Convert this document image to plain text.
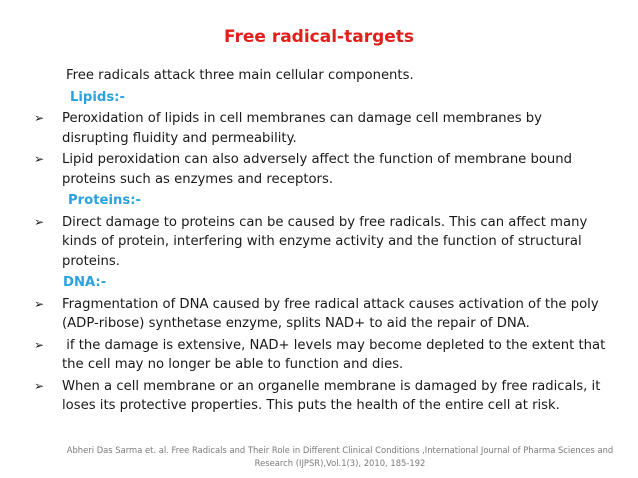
Free radical-targets
Free radicals attack three main cellular components.
Lipids:-
➢ Peroxidation of lipids in cell membranes can damage cell membranes by disrupting fluidity and permeability.
➢ Lipid peroxidation can also adversely affect the function of membrane bound proteins such as enzymes and receptors.
Proteins:-
➢ Direct damage to proteins can be caused by free radicals. This can affect many kinds of protein, interfering with enzyme activity and the function of structural proteins.
DNA:-
➢ Fragmentation of DNA caused by free radical attack causes activation of the poly (ADP-ribose) synthetase enzyme, splits NAD+ to aid the repair of DNA.
➢ if the damage is extensive, NAD+ levels may become depleted to the extent that the cell may no longer be able to function and dies.
➢ When a cell membrane or an organelle membrane is damaged by free radicals, it loses its protective properties. This puts the health of the entire cell at risk.
Abheri Das Sarma et. al. Free Radicals and Their Role in Different Clinical Conditions ,International Journal of Pharma Sciences and Research (IJPSR),Vol.1(3), 2010, 185-192
